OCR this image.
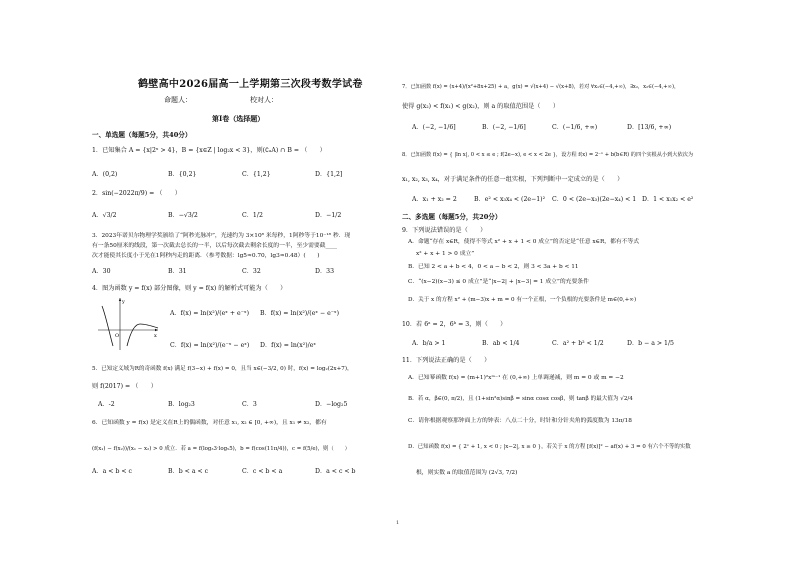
鹤壁高中2026届高一上学期第三次段考数学试卷
命题人：	校对人：
第Ⅰ卷（选择题）
一、单选题（每题5分，共40分）
1．已知集合 A = {x|2ˣ > 4}，B = {x∈Z | log₂x < 3}，则(∁ₐA) ∩ B = （　　）
A．(0,2)	B．{0,2}	C．{1,2}	D．{1,2]
2．sin(−2022π/9) = （　　）
A．√3/2	B．−√3/2	C．1/2	D．−1/2
3．2023年诺贝尔物理学奖颁给了“阿秒光脉冲”，光速约为 3×10⁸ 米每秒，1阿秒等于10⁻¹⁸ 秒．现
有一条50厘米的线段，第一次截去总长的一半，以后每次截去剩余长度的一半，至少需要截____
次才能使其长度小于光在1阿秒内走的距离．（参考数据：lg5≈0.70，lg3≈0.48）(　　)
A．30	B．31	C．32	D．33
4．图为函数 y = f(x) 部分图像，则 y = f(x) 的解析式可能为（　　）
y
x
O
A．f(x) = ln(x²)/(eˣ + e⁻ˣ) B．f(x) = ln(x²)/(eˣ − e⁻ˣ)
C．f(x) = ln(x²)/(e⁻ˣ − eˣ) D．f(x) = ln(x²)/eˣ
5．已知定义域为R的奇函数 f(x) 满足 f(3−x) + f(x) = 0，且当 x∈(−3/2, 0) 时，f(x) = log₂(2x+7)，
则 f(2017) = （　　）
A．-2	B．log₂3	C．3	D．−log₂5
6．已知函数 y = f(x) 是定义在R上的偶函数，对任意 x₁, x₂ ∈ [0, +∞)，且 x₁ ≠ x₂，都有
(f(x₁) − f(x₂))/(x₁ − x₂) > 0 成立．若 a = f(log₃3·log₅5)，b = f(cos(11π/4))，c = f(5/e)，则（　　）
A．a < b < c	B．b < a < c	C．c < b < a	D．a < c < b
7．已知函数 f(x) = (x+4)/(x²+8x+25) + a，g(x) = √(x+4) − √(x+8)，若对 ∀x₁∈(−4,+∞)，∃x₂，x₂∈(−4,+∞)，
使得 g(x₂) < f(x₁) < g(x₂)，则 a 的取值范围是（　　）
A．(−2, −1/6]	B．(−2, −1/6]	C．(−1/6, +∞)	D．[13/6, +∞)
8．已知函数 f(x) = { |ln x|, 0 < x ≤ e ; f(2e−x), e < x < 2e }，设方程 f(x) = 2⁻ˣ + b(b∈R) 的四个实根从小到大依次为
x₁, x₂, x₃, x₄，对于满足条件的任意一组实根，下列判断中一定成立的是（　　）
A．x₁ + x₂ = 2	B．e² < x₃x₄ < (2e−1)² C．0 < (2e−x₃)(2e−x₄) < 1 D．1 < x₁x₂ < e²
二、多选题（每题5分，共20分）
9．下列说法错误的是（　　）
A．命题“存在 x∈R，使得不等式 x² + x + 1 < 0 成立”的否定是“任意 x∈R，都有不等式
x² + x + 1 > 0 成立”
B．已知 2 < a + b < 4，0 < a − b < 2，则 3 < 3a + b < 11
C．“(x−2)(x−3) ≤ 0 成立”是“|x−2| + |x−3| = 1 成立”的充要条件
D．关于 x 的方程 x² + (m−3)x + m = 0 有一个正根，一个负根的充要条件是 m∈(0,+∞)
10．若 6ᵃ = 2，6ᵇ = 3，则（　　）
A．b/a > 1	B．ab < 1/4	C．a² + b² < 1/2	D．b − a > 1/5
11．下列说法正确的是（　　）
A．已知幂函数 f(x) = (m+1)²xᵐ⁻¹ 在 (0,+∞) 上单调递减，则 m = 0 或 m = −2
B．若 α，β∈(0, π/2)，且 (1+sin²α)sinβ = sinα cosα cosβ，则 tanβ 的最大值为 √2/4
C．请你根据观察那钟面上方的钟表：八点二十分，时针和分针夹角的弧度数为 13π/18
D．已知函数 f(x) = { 2ˣ + 1, x < 0 ; |x−2|, x ≥ 0 }，若关于 x 的方程 [f(x)]² − af(x) + 3 = 0 有六个不等的实数
根，则实数 a 的取值范围为 (2√3, 7/2)
1
